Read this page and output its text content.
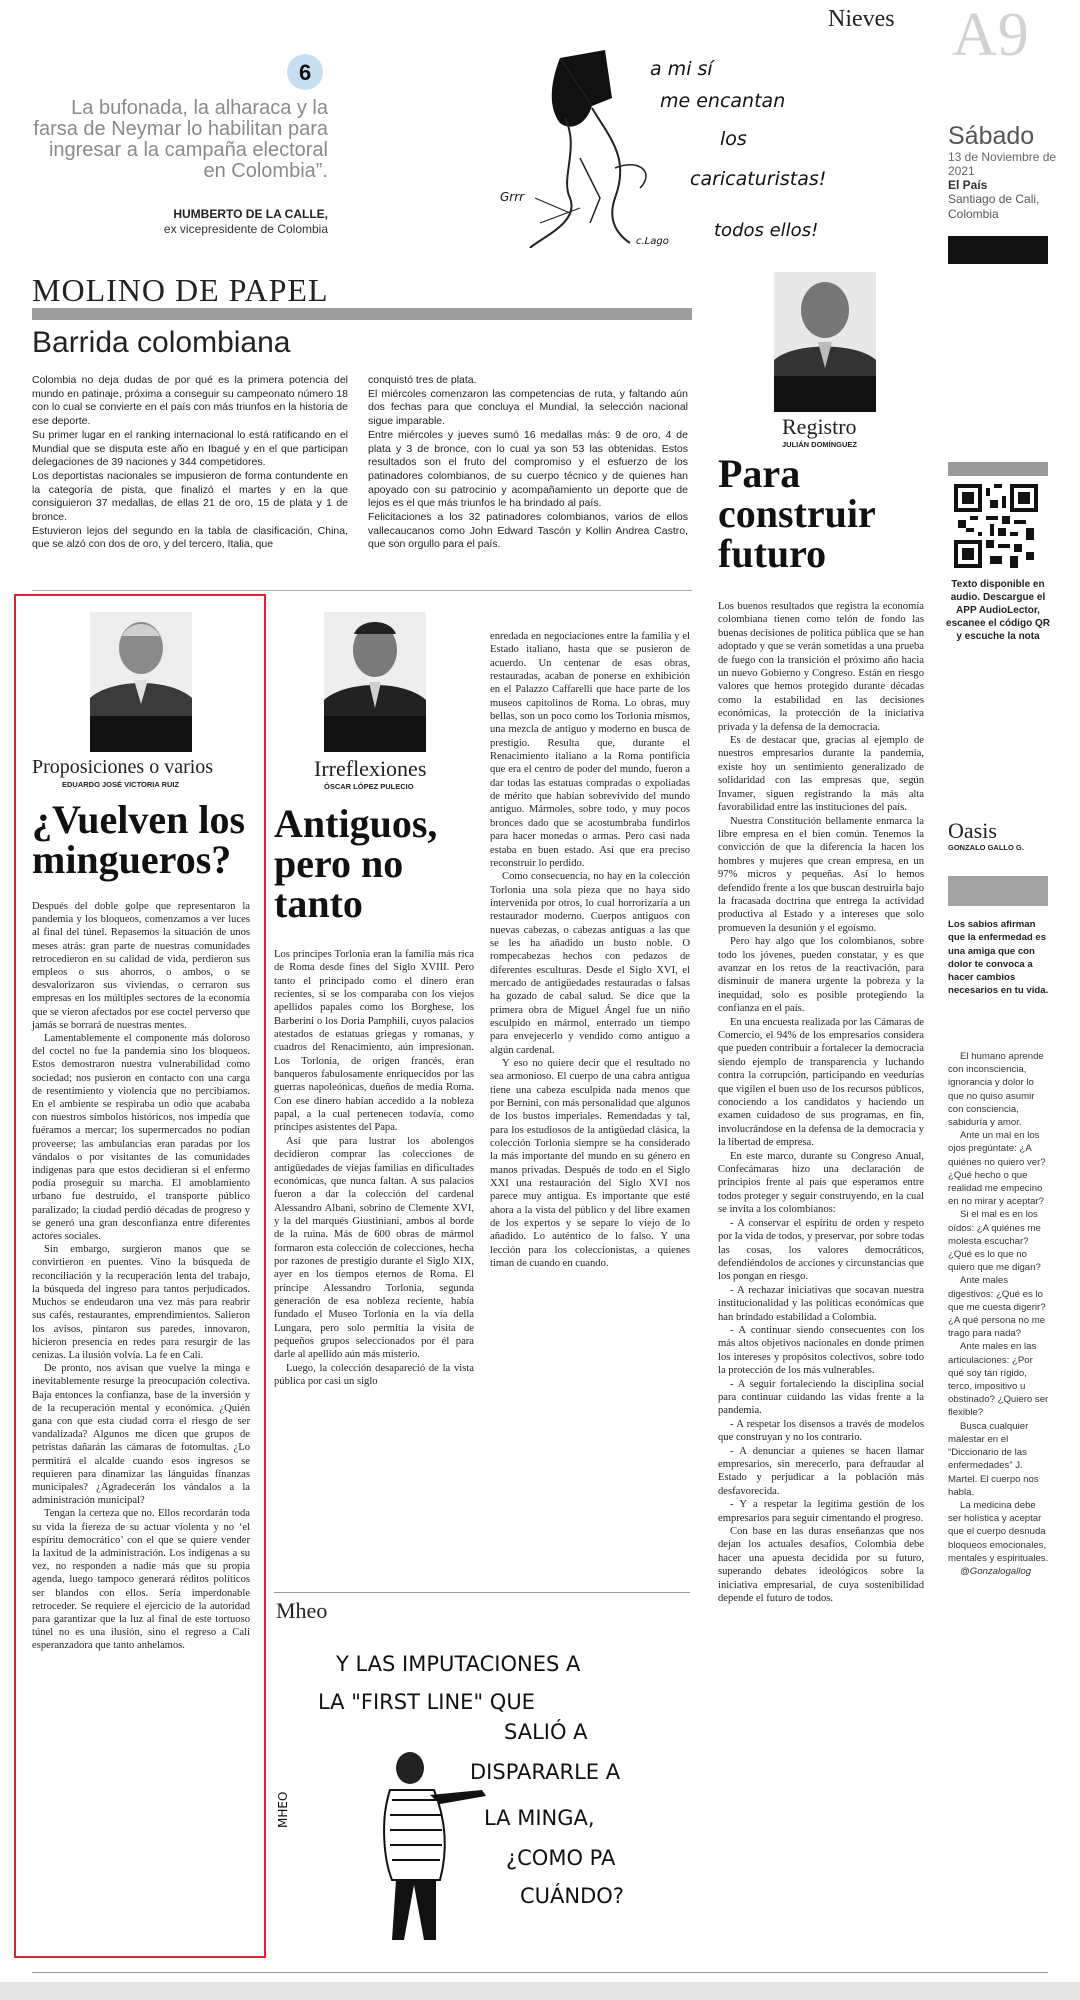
Nieves A9
Sábado
13 de Noviembre de 2021
El País
Santiago de Cali, Colombia
6
La bufonada, la alharaca y la farsa de Neymar lo habilitan para ingresar a la campaña electoral en Colombia”.
HUMBERTO DE LA CALLE,
ex vicepresidente de Colombia
a mi sí
me encantan
los
caricaturistas!
todos ellos!
Grrr
c.Lago
MOLINO DE PAPEL
Barrida colombiana
Colombia no deja dudas de por qué es la primera potencia del mundo en patinaje, próxima a conseguir su campeonato número 18 con lo cual se convierte en el país con más triunfos en la historia de ese deporte.
Su primer lugar en el ranking internacional lo está ratificando en el Mundial que se disputa este año en Ibagué y en el que participan delegaciones de 39 naciones y 344 competidores.
Los deportistas nacionales se impusieron de forma contundente en la categoría de pista, que finalizó el martes y en la que consiguieron 37 medallas, de ellas 21 de oro, 15 de plata y 1 de bronce.
Estuvieron lejos del segundo en la tabla de clasificación, China, que se alzó con dos de oro, y del tercero, Italia, que
conquistó tres de plata.
El miércoles comenzaron las competencias de ruta, y faltando aún dos fechas para que concluya el Mundial, la selección nacional sigue imparable.
Entre miércoles y jueves sumó 16 medallas más: 9 de oro, 4 de plata y 3 de bronce, con lo cual ya son 53 las obtenidas. Estos resultados son el fruto del compromiso y el esfuerzo de los patinadores colombianos, de su cuerpo técnico y de quienes han apoyado con su patrocinio y acompañamiento un deporte que de lejos es el que más triunfos le ha brindado al país.
Felicitaciones a los 32 patinadores colombianos, varios de ellos vallecaucanos como John Edward Tascón y Kollin Andrea Castro, que son orgullo para el país.
Registro
JULIÁN DOMÍNGUEZ
Para construir futuro

Los buenos resultados que registra la economía colombiana tienen como telón de fondo las buenas decisiones de política pública que se han adoptado y que se verán sometidas a una prueba de fuego con la transición el próximo año hacia un nuevo Gobierno y Congreso. Están en riesgo valores que hemos protegido durante décadas como la estabilidad en las decisiones económicas, la protección de la iniciativa privada y la defensa de la democracia.

Es de destacar que, gracias al ejemplo de nuestros empresarios durante la pandemia, existe hoy un sentimiento generalizado de solidaridad con las empresas que, según Invamer, siguen registrando la más alta favorabilidad entre las instituciones del país.

Nuestra Constitución bellamente enmarca la libre empresa en el bien común. Tenemos la convicción de que la diferencia la hacen los hombres y mujeres que crean empresa, en un 97% micros y pequeñas. Así lo hemos defendido frente a los que buscan destruirla bajo la fracasada doctrina que entrega la actividad productiva al Estado y a intereses que solo promueven la desunión y el egoísmo.

Pero hay algo que los colombianos, sobre todo los jóvenes, pueden constatar, y es que avanzar en los retos de la reactivación, para disminuir de manera urgente la pobreza y la inequidad, solo es posible protegiendo la confianza en el país.

En una encuesta realizada por las Cámaras de Comercio, el 94% de los empresarios considera que pueden contribuir a fortalecer la democracia siendo ejemplo de transparencia y luchando contra la corrupción, participando en veedurías que vigilen el buen uso de los recursos públicos, conociendo a los candidatos y haciendo un examen cuidadoso de sus programas, en fin, involucrándose en la defensa de la democracia y la libertad de empresa.

En este marco, durante su Congreso Anual, Confecámaras hizo una declaración de principios frente al país que esperamos entre todos proteger y seguir construyendo, en la cual se invita a los colombianos:

- A conservar el espíritu de orden y respeto por la vida de todos, y preservar, por sobre todas las cosas, los valores democráticos, defendiéndolos de acciones y circunstancias que los pongan en riesgo.

- A rechazar iniciativas que socavan nuestra institucionalidad y las políticas económicas que han brindado estabilidad a Colombia.

- A continuar siendo consecuentes con los más altos objetivos nacionales en donde primen los intereses y propósitos colectivos, sobre todo la protección de los más vulnerables.

- A seguir fortaleciendo la disciplina social para continuar cuidando las vidas frente a la pandemia.

- A respetar los disensos a través de modelos que construyan y no los contrario.

- A denunciar a quienes se hacen llamar empresarios, sin merecerlo, para defraudar al Estado y perjudicar a la población más desfavorecida.

- Y a respetar la legítima gestión de los empresarios para seguir cimentando el progreso.

Con base en las duras enseñanzas que nos dejan los actuales desafíos, Colombia debe hacer una apuesta decidida por su futuro, superando debates ideológicos sobre la iniciativa empresarial, de cuya sostenibilidad depende el futuro de todos.

Texto disponible en audio. Descargue el APP AudioLector, escanee el código QR y escuche la nota
Oasis
GONZALO GALLO G.
Los sabios afirman que la enfermedad es una amiga que con dolor te convoca a hacer cambios necesarios en tu vida.

El humano aprende con inconsciencia, ignorancia y dolor lo que no quiso asumir con consciencia, sabiduría y amor.

Ante un mal en los ojos pregúntate: ¿A quiénes no quiero ver? ¿Qué hecho o que realidad me empecino en no mirar y aceptar?

Si el mal es en los oídos: ¿A quiénes me molesta escuchar? ¿Qué es lo que no quiero que me digan?

Ante males digestivos: ¿Qué es lo que me cuesta digerir? ¿A qué persona no me trago para nada?

Ante males en las articulaciones: ¿Por qué soy tan rígido, terco, impositivo u obstinado? ¿Quiero ser flexible?

Busca cualquier malestar en el “Diccionario de las enfermedades” J. Martel. El cuerpo nos habla.

La medicina debe ser holística y aceptar que el cuerpo desnuda bloqueos emocionales, mentales y espirituales.

@Gonzalogallog

Proposiciones o varios
EDUARDO JOSÉ VICTORIA RUIZ
¿Vuelven los mingueros?

Después del doble golpe que representaron la pandemia y los bloqueos, comenzamos a ver luces al final del túnel. Repasemos la situación de unos meses atrás: gran parte de nuestras comunidades retrocedieron en su calidad de vida, perdieron sus empleos o sus ahorros, o ambos, o se desvalorizaron sus viviendas, o cerraron sus empresas en los múltiples sectores de la economía que se vieron afectados por ese coctel perverso que jamás se borrará de nuestras mentes.

Lamentablemente el componente más doloroso del coctel no fue la pandemia sino los bloqueos. Estos demostraron nuestra vulnerabilidad como sociedad; nos pusieron en contacto con una carga de resentimiento y violencia que no percibíamos. En el ambiente se respiraba un odio que acababa con nuestros símbolos históricos, nos impedía que fuéramos a mercar; los supermercados no podían proveerse; las ambulancias eran paradas por los vándalos o por visitantes de las comunidades indígenas para que estos decidieran si el enfermo podía proseguir su marcha. El amoblamiento urbano fue destruido, el transporte público paralizado; la ciudad perdió décadas de progreso y se generó una gran desconfianza entre diferentes actores sociales.

Sin embargo, surgieron manos que se convirtieron en puentes. Vino la búsqueda de reconciliación y la recuperación lenta del trabajo, la búsqueda del ingreso para tantos perjudicados. Muchos se endeudaron una vez más para reabrir sus cafés, restaurantes, emprendimientos. Salieron los avisos, pintaron sus paredes, innovaron, hicieron presencia en redes para resurgir de las cenizas. La ilusión volvía. La fe en Cali.

De pronto, nos avisan que vuelve la minga e inevitablemente resurge la preocupación colectiva. Baja entonces la confianza, base de la inversión y de la recuperación mental y económica. ¿Quién gana con que esta ciudad corra el riesgo de ser vandalizada? Algunos me dicen que grupos de petristas dañarán las cámaras de fotomultas. ¿Lo permitirá el alcalde cuando esos ingresos se requieren para dinamizar las lánguidas finanzas municipales? ¿Agradecerán los vándalos a la administración municipal?

Tengan la certeza que no. Ellos recordarán toda su vida la fiereza de su actuar violenta y no ‘el espíritu democrático’ con el que se quiere vender la laxitud de la administración. Los indígenas a su vez, no responden a nadie más que su propia agenda, luego tampoco generará réditos políticos ser blandos con ellos. Sería imperdonable retroceder. Se requiere el ejercicio de la autoridad para garantizar que la luz al final de este tortuoso túnel no es una ilusión, sino el regreso a Cali esperanzadora que tanto anhelamos.

Irreflexiones
ÓSCAR LÓPEZ PULECIO
Antiguos, pero no tanto

Los príncipes Torlonia eran la familia más rica de Roma desde fines del Siglo XVIII. Pero tanto el principado como el dinero eran recientes, si se los comparaba con los viejos apellidos papales como los Borghese, los Barberini o los Doria Pamphili, cuyos palacios atestados de estatuas griegas y romanas, y cuadros del Renacimiento, aún impresionan. Los Torlonia, de origen francés, eran banqueros fabulosamente enriquecidos por las guerras napoleónicas, dueños de media Roma. Con ese dinero habían accedido a la nobleza papal, a la cual pertenecen todavía, como príncipes asistentes del Papa.

Así que para lustrar los abolengos decidieron comprar las colecciones de antigüedades de viejas familias en dificultades económicas, que nunca faltan. A sus palacios fueron a dar la colección del cardenal Alessandro Albani, sobrino de Clemente XVI, y la del marqués Giustiniani, ambos al borde de la ruina. Más de 600 obras de mármol formaron esta colección de colecciones, hecha por razones de prestigio durante el Siglo XIX, ayer en los tiempos eternos de Roma. El príncipe Alessandro Torlonia, segunda generación de esa nobleza reciente, había fundado el Museo Torlonia en la vía della Lungara, pero solo permitía la visita de pequeños grupos seleccionados por él para darle al apellido aún más misterio.

Luego, la colección desapareció de la vista pública por casi un siglo

enredada en negociaciones entre la familia y el Estado italiano, hasta que se pusieron de acuerdo. Un centenar de esas obras, restauradas, acaban de ponerse en exhibición en el Palazzo Caffarelli que hace parte de los museos capitolinos de Roma. Lo obras, muy bellas, son un poco como los Torlonia mismos, una mezcla de antiguo y moderno en busca de prestigio. Resulta que, durante el Renacimiento italiano a la Roma pontificia que era el centro de poder del mundo, fueron a dar todas las estatuas compradas o expoliadas de mérito que habían sobrevivido del mundo antiguo. Mármoles, sobre todo, y muy pocos bronces dado que se acostumbraba fundirlos para hacer monedas o armas. Pero casi nada estaba en buen estado. Así que era preciso reconstruir lo perdido.

Como consecuencia, no hay en la colección Torlonia una sola pieza que no haya sido intervenida por otros, lo cual horrorizaría a un restaurador moderno. Cuerpos antiguos con nuevas cabezas, o cabezas antiguas a las que se les ha añadido un busto noble. O rompecabezas hechos con pedazos de diferentes esculturas. Desde el Siglo XVI, el mercado de antigüedades restauradas o falsas ha gozado de cabal salud. Se dice que la primera obra de Miguel Ángel fue un niño esculpido en mármol, enterrado un tiempo para envejecerlo y vendido como antiguo a algún cardenal.

Y eso no quiere decir que el resultado no sea armonioso. El cuerpo de una cabra antigua tiene una cabeza esculpida nada menos que por Bernini, con más personalidad que algunos de los bustos imperiales. Remendadas y tal, para los estudiosos de la antigüedad clásica, la colección Torlonia siempre se ha considerado la más importante del mundo en su género en manos privadas. Después de todo en el Siglo XXI una restauración del Siglo XVI nos parece muy antigua. Es importante que esté ahora a la vista del público y del libre examen de los expertos y se separe lo viejo de lo añadido. Lo auténtico de lo falso. Y una lección para los coleccionistas, a quienes timan de cuando en cuando.

Mheo
Y LAS IMPUTACIONES A
LA "FIRST LINE" QUE
SALIÓ A
DISPARARLE A
LA MINGA,
¿COMO PA
CUÁNDO?
MHEO
